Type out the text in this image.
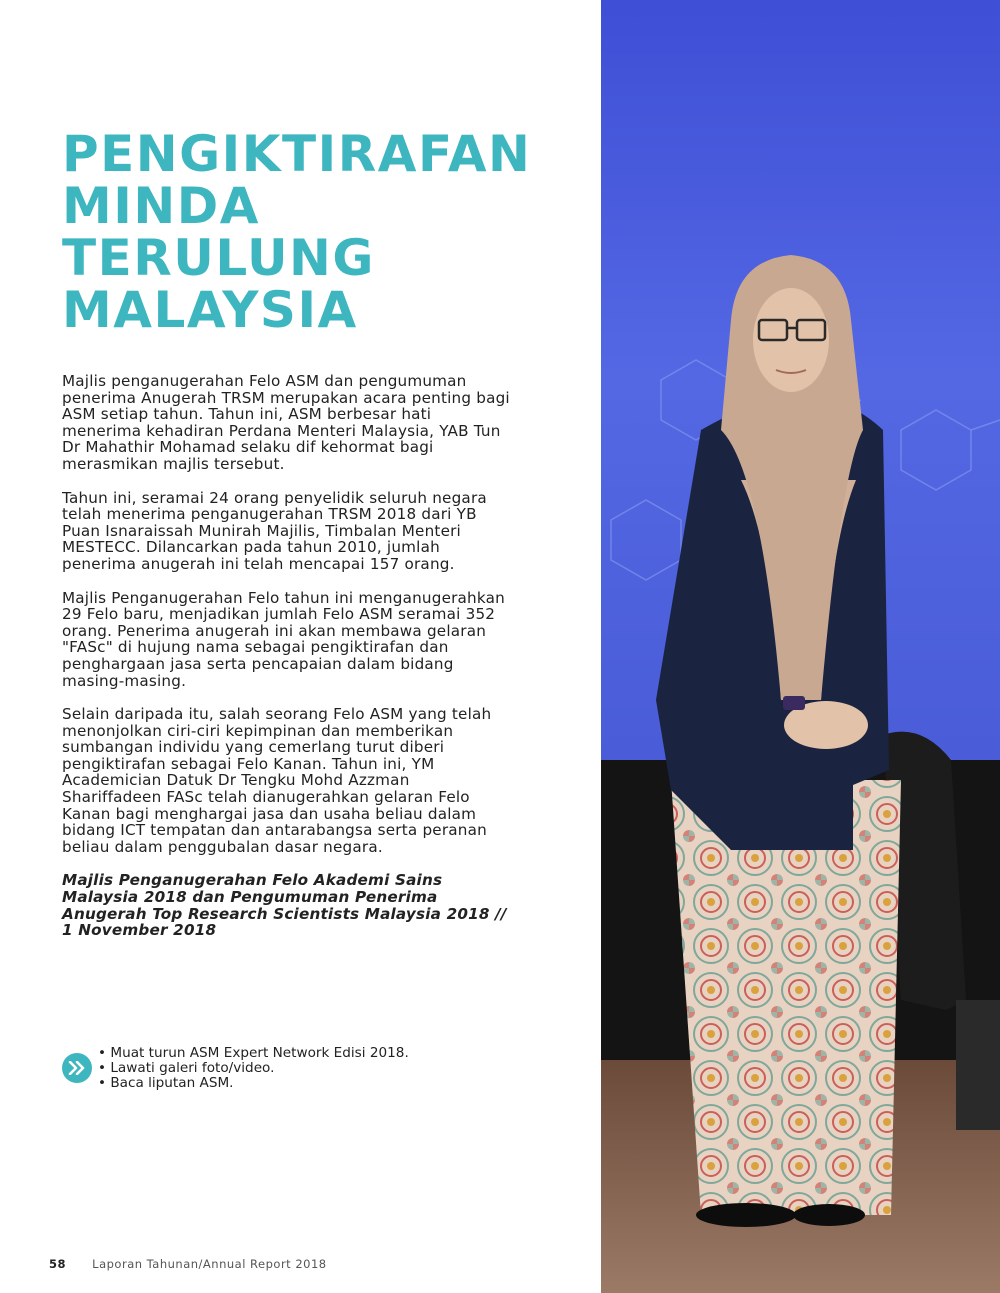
PENGIKTIRAFAN
MINDA
TERULUNG
MALAYSIA

Majlis penganugerahan Felo ASM dan pengumuman penerima Anugerah TRSM merupakan acara penting bagi ASM setiap tahun. Tahun ini, ASM berbesar hati menerima kehadiran Perdana Menteri Malaysia, YAB Tun Dr Mahathir Mohamad selaku dif kehormat bagi merasmikan majlis tersebut.

Tahun ini, seramai 24 orang penyelidik seluruh negara telah menerima penganugerahan TRSM 2018 dari YB Puan Isnaraissah Munirah Majilis, Timbalan Menteri MESTECC. Dilancarkan pada tahun 2010, jumlah penerima anugerah ini telah mencapai 157 orang.

Majlis Penganugerahan Felo tahun ini menganugerahkan 29 Felo baru, menjadikan jumlah Felo ASM seramai 352 orang. Penerima anugerah ini akan membawa gelaran "FASc" di hujung nama sebagai pengiktirafan dan penghargaan jasa serta pencapaian dalam bidang masing-masing.

Selain daripada itu, salah seorang Felo ASM yang telah menonjolkan ciri-ciri kepimpinan dan memberikan sumbangan individu yang cemerlang turut diberi pengiktirafan sebagai Felo Kanan. Tahun ini, YM Academician Datuk Dr Tengku Mohd Azzman Shariffadeen FASc telah dianugerahkan gelaran Felo Kanan bagi menghargai jasa dan usaha beliau dalam bidang ICT tempatan dan antarabangsa serta peranan beliau dalam penggubalan dasar negara.

Majlis Penganugerahan Felo Akademi Sains Malaysia 2018 dan Pengumuman Penerima Anugerah Top Research Scientists Malaysia 2018 // 1 November 2018

• Muat turun ASM Expert Network Edisi 2018.
• Lawati galeri foto/video.
• Baca liputan ASM.
58 Laporan Tahunan/Annual Report 2018
